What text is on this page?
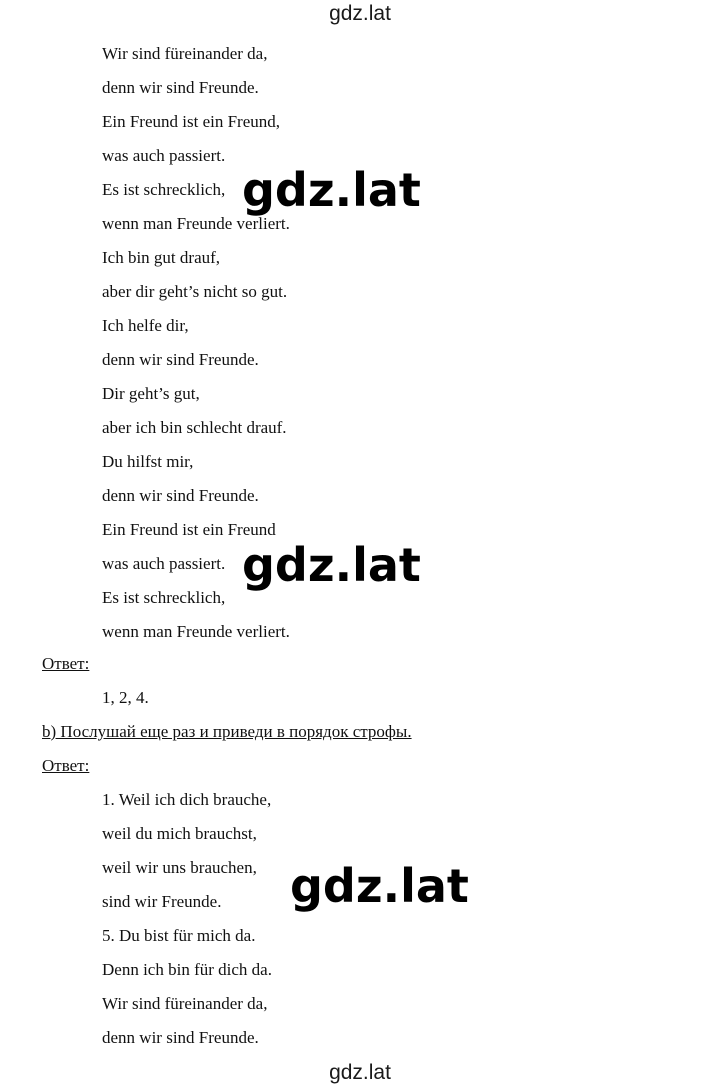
gdz.lat
Wir sind füreinander da,
denn wir sind Freunde.
Ein Freund ist ein Freund,
was auch passiert.
Es ist schrecklich,
wenn man Freunde verliert.
Ich bin gut drauf,
aber dir geht’s nicht so gut.
Ich helfe dir,
denn wir sind Freunde.
Dir geht’s gut,
aber ich bin schlecht drauf.
Du hilfst mir,
denn wir sind Freunde.
Ein Freund ist ein Freund
was auch passiert.
Es ist schrecklich,
wenn man Freunde verliert.
Ответ:
1, 2, 4.
b) Послушай еще раз и приведи в порядок строфы.
Ответ:
1. Weil ich dich brauche,
weil du mich brauchst,
weil wir uns brauchen,
sind wir Freunde.
5. Du bist für mich da.
Denn ich bin für dich da.
Wir sind füreinander da,
denn wir sind Freunde.
gdz.lat
gdz.lat
gdz.lat
gdz.lat
